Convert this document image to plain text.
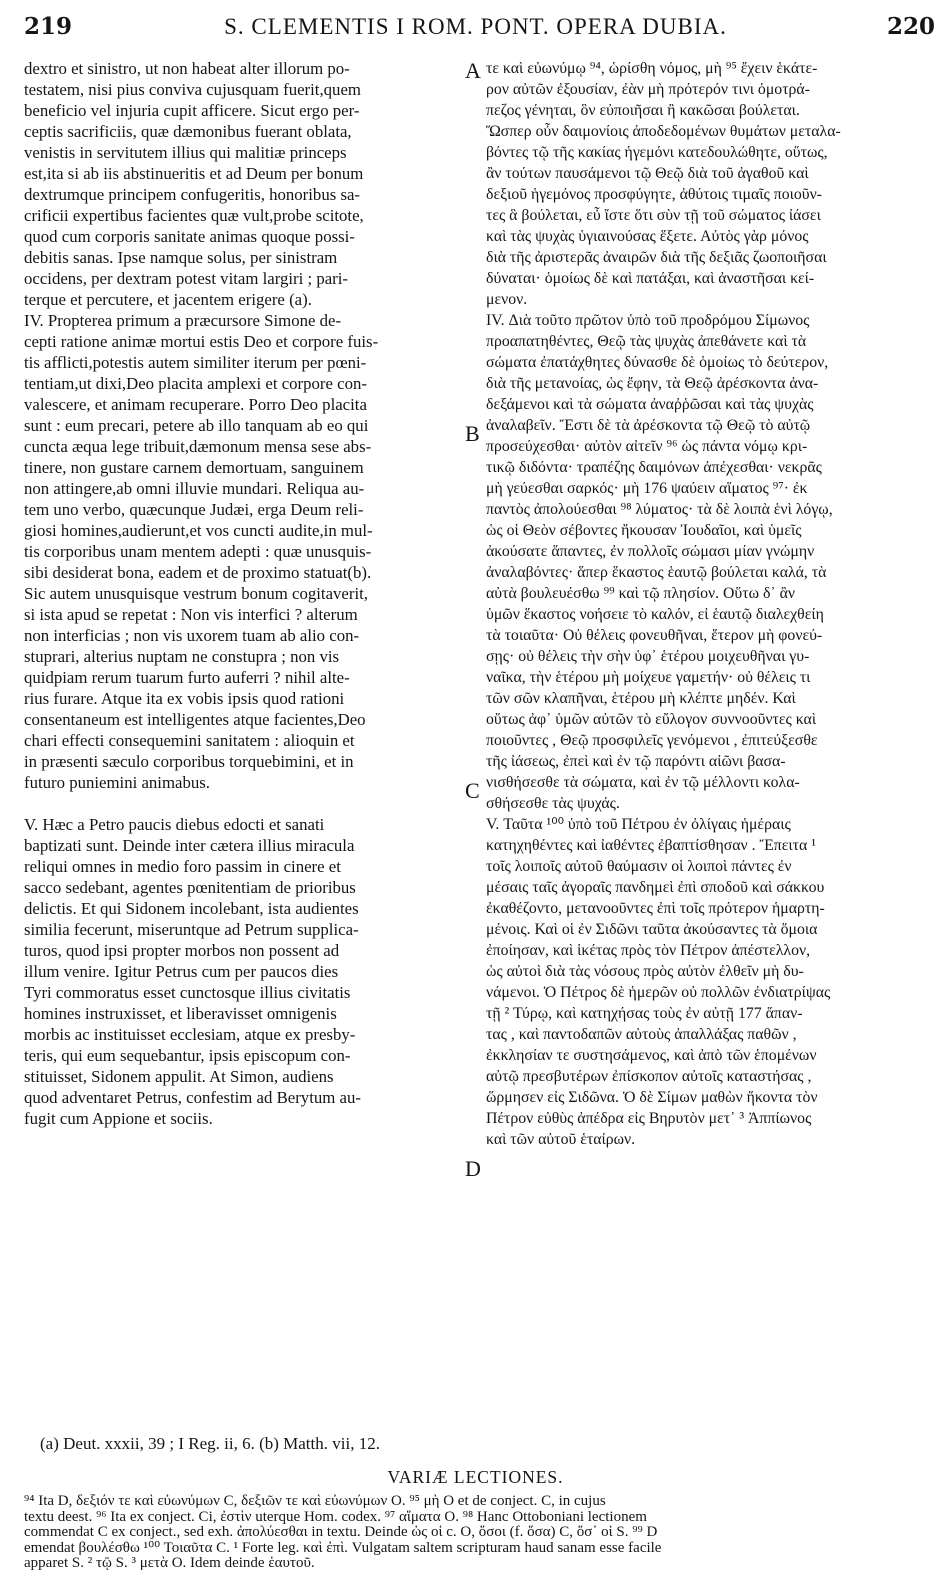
219	S. CLEMENTIS I ROM. PONT. OPERA DUBIA.	220
dextro et sinistro, ut non habeat alter illorum po-
testatem, nisi pius conviva cujusquam fuerit,quem
beneficio vel injuria cupit afficere. Sicut ergo per-
ceptis sacrificiis, quæ dæmonibus fuerant oblata,
venistis in servitutem illius qui malitiæ princeps
est,ita si ab iis abstinueritis et ad Deum per bonum
dextrumque principem confugeritis, honoribus sa-
crificii expertibus facientes quæ vult,probe scitote,
quod cum corporis sanitate animas quoque possi-
debitis sanas. Ipse namque solus, per sinistram
occidens, per dextram potest vitam largiri ; pari-
terque et percutere, et jacentem erigere (a).
IV. Propterea primum a præcursore Simone de-
cepti ratione animæ mortui estis Deo et corpore fuis-
tis afflicti,potestis autem similiter iterum per pœni-
tentiam,ut dixi,Deo placita amplexi et corpore con-
valescere, et animam recuperare. Porro Deo placita
sunt : eum precari, petere ab illo tanquam ab eo qui
cuncta æqua lege tribuit,dæmonum mensa sese abs-
tinere, non gustare carnem demortuam, sanguinem
non attingere,ab omni illuvie mundari. Reliqua au-
tem uno verbo, quæcunque Judæi, erga Deum reli-
giosi homines,audierunt,et vos cuncti audite,in mul-
tis corporibus unam mentem adepti : quæ unusquis-
sibi desiderat bona, eadem et de proximo statuat(b).
Sic autem unusquisque vestrum bonum cogitaverit,
si ista apud se repetat : Non vis interfici ? alterum
non interficias ; non vis uxorem tuam ab alio con-
stuprari, alterius nuptam ne constupra ; non vis
quidpiam rerum tuarum furto auferri ? nihil alte-
rius furare. Atque ita ex vobis ipsis quod rationi
consentaneum est intelligentes atque facientes,Deo
chari effecti consequemini sanitatem : alioquin et
in præsenti sæculo corporibus torquebimini, et in
futuro puniemini animabus.
V. Hæc a Petro paucis diebus edocti et sanati
baptizati sunt. Deinde inter cætera illius miracula
reliqui omnes in medio foro passim in cinere et
sacco sedebant, agentes pœnitentiam de prioribus
delictis. Et qui Sidonem incolebant, ista audientes
similia fecerunt, miseruntque ad Petrum supplica-
turos, quod ipsi propter morbos non possent ad
illum venire. Igitur Petrus cum per paucos dies
Tyri commoratus esset cunctosque illius civitatis
homines instruxisset, et liberavisset omnigenis
morbis ac instituisset ecclesiam, atque ex presby-
teris, qui eum sequebantur, ipsis episcopum con-
stituisset, Sidonem appulit. At Simon, audiens
quod adventaret Petrus, confestim ad Berytum au-
fugit cum Appione et sociis.
τε καὶ εὐωνύμῳ ⁹⁴, ὡρίσθη νόμος, μὴ ⁹⁵ ἔχειν ἑκάτε-
ρον αὐτῶν ἐξουσίαν, ἐὰν μὴ πρότερόν τινι ὁμοτρά-
πεζος γένηται, ὃν εὐποιῆσαι ἢ κακῶσαι βούλεται.
Ὥσπερ οὖν δαιμονίοις ἀποδεδομένων θυμάτων μεταλα-
βόντες τῷ τῆς κακίας ἡγεμόνι κατεδουλώθητε, οὕτως,
ἂν τούτων παυσάμενοι τῷ Θεῷ διὰ τοῦ ἀγαθοῦ καὶ
δεξιοῦ ἡγεμόνος προσφύγητε, ἀθύτοις τιμαῖς ποιοῦν-
τες ἃ βούλεται, εὖ ἴστε ὅτι σὺν τῇ τοῦ σώματος ἰάσει
καὶ τὰς ψυχὰς ὑγιαινούσας ἕξετε. Αὐτὸς γὰρ μόνος
διὰ τῆς ἀριστερᾶς ἀναιρῶν διὰ τῆς δεξιᾶς ζωοποιῆσαι
δύναται· ὁμοίως δὲ καὶ πατάξαι, καὶ ἀναστῆσαι κεί-
μενον.
IV. Διὰ τοῦτο πρῶτον ὑπὸ τοῦ προδρόμου Σίμωνος
προαπατηθέντες, Θεῷ τὰς ψυχὰς ἀπεθάνετε καὶ τὰ
σώματα ἐπατάχθητες δύνασθε δὲ ὁμοίως τὸ δεύτερον,
διὰ τῆς μετανοίας, ὡς ἔφην, τὰ Θεῷ ἀρέσκοντα ἀνα-
δεξάμενοι καὶ τὰ σώματα ἀναῤῥῶσαι καὶ τὰς ψυχὰς
ἀναλαβεῖν. Ἔστι δὲ τὰ ἀρέσκοντα τῷ Θεῷ τὸ αὐτῷ
προσεύχεσθαι· αὐτὸν αἰτεῖν ⁹⁶ ὡς πάντα νόμῳ κρι-
τικῷ διδόντα· τραπέζης δαιμόνων ἀπέχεσθαι· νεκρᾶς
μὴ γεύεσθαι σαρκός· μὴ 176 ψαύειν αἵματος ⁹⁷· ἐκ
παντὸς ἀπολούεσθαι ⁹⁸ λύματος· τὰ δὲ λοιπὰ ἑνὶ λόγῳ,
ὡς οἱ Θεὸν σέβοντες ἤκουσαν Ἰουδαῖοι, καὶ ὑμεῖς
ἀκούσατε ἅπαντες, ἐν πολλοῖς σώμασι μίαν γνώμην
ἀναλαβόντες· ἅπερ ἕκαστος ἑαυτῷ βούλεται καλά, τὰ
αὐτὰ βουλευέσθω ⁹⁹ καὶ τῷ πλησίον. Οὕτω δ᾽ ἂν
ὑμῶν ἕκαστος νοήσειε τὸ καλόν, εἰ ἑαυτῷ διαλεχθείη
τὰ τοιαῦτα· Οὐ θέλεις φονευθῆναι, ἕτερον μὴ φονεύ-
σῃς· οὐ θέλεις τὴν σὴν ὑφ᾽ ἑτέρου μοιχευθῆναι γυ-
ναῖκα, τὴν ἑτέρου μὴ μοίχευε γαμετήν· οὐ θέλεις τι
τῶν σῶν κλαπῆναι, ἑτέρου μὴ κλέπτε μηδέν. Καὶ
οὕτως ἀφ᾽ ὑμῶν αὐτῶν τὸ εὔλογον συννοοῦντες καὶ
ποιοῦντες , Θεῷ προσφιλεῖς γενόμενοι , ἐπιτεύξεσθε
τῆς ἰάσεως, ἐπεὶ καὶ ἐν τῷ παρόντι αἰῶνι βασα-
νισθήσεσθε τὰ σώματα, καὶ ἐν τῷ μέλλοντι κολα-
σθήσεσθε τὰς ψυχάς.
V. Ταῦτα ¹⁰⁰ ὑπὸ τοῦ Πέτρου ἐν ὀλίγαις ἡμέραις
κατηχηθέντες καὶ ἰαθέντες ἐβαπτίσθησαν . Ἔπειτα ¹
τοῖς λοιποῖς αὐτοῦ θαύμασιν οἱ λοιποὶ πάντες ἐν
μέσαις ταῖς ἀγοραῖς πανδημεὶ ἐπὶ σποδοῦ καὶ σάκκου
ἐκαθέζοντο, μετανοοῦντες ἐπὶ τοῖς πρότερον ἡμαρτη-
μένοις. Καὶ οἱ ἐν Σιδῶνι ταῦτα ἀκούσαντες τὰ ὅμοια
ἐποίησαν, καὶ ἱκέτας πρὸς τὸν Πέτρον ἀπέστελλον,
ὡς αὐτοὶ διὰ τὰς νόσους πρὸς αὐτὸν ἐλθεῖν μὴ δυ-
νάμενοι. Ὁ Πέτρος δὲ ἡμερῶν οὐ πολλῶν ἐνδιατρίψας
τῇ ² Τύρῳ, καὶ κατηχήσας τοὺς ἐν αὐτῇ 177 ἅπαν-
τας , καὶ παντοδαπῶν αὐτοὺς ἀπαλλάξας παθῶν ,
ἐκκλησίαν τε συστησάμενος, καὶ ἀπὸ τῶν ἑπομένων
αὐτῷ πρεσβυτέρων ἐπίσκοπον αὐτοῖς καταστήσας ,
ὥρμησεν εἰς Σιδῶνα. Ὁ δὲ Σίμων μαθὼν ἥκοντα τὸν
Πέτρον εὐθὺς ἀπέδρα εἰς Βηρυτὸν μετ᾽ ³ Ἀππίωνος
καὶ τῶν αὐτοῦ ἑταίρων.
A
B
C
D
(a) Deut. xxxii, 39 ; I Reg. ii, 6. (b) Matth. vii, 12.
VARIÆ LECTIONES.
⁹⁴ Ita D, δεξιόν τε καὶ εὐωνύμων C, δεξιῶν τε καὶ εὐωνύμων O. ⁹⁵ μὴ O et de conject. C, in cujus
textu deest. ⁹⁶ Ita ex conject. Ci, ἐστὶν uterque Hom. codex. ⁹⁷ αἵματα O. ⁹⁸ Hanc Ottoboniani lectionem
commendat C ex conject., sed exh. ἀπολύεσθαι in textu. Deinde ὡς οἱ c. O, ὅσοι (f. ὅσα) C, ὅσ᾽ οἱ S. ⁹⁹ D
emendat βουλέσθω ¹⁰⁰ Τοιαῦτα C. ¹ Forte leg. καὶ ἐπὶ. Vulgatam saltem scripturam haud sanam esse facile
apparet S. ² τῷ S. ³ μετὰ O. Idem deinde ἑαυτοῦ.
